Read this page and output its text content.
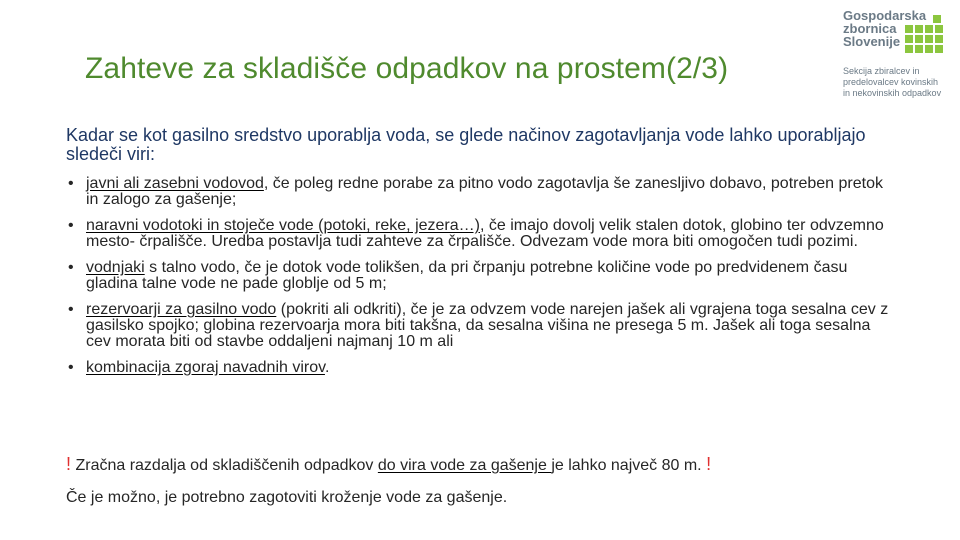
Zahteve za skladišče odpadkov na prostem(2/3)
Gospodarska
zbornica
Slovenije
Sekcija zbiralcev in
predelovalcev kovinskih
in nekovinskih odpadkov
Kadar se kot gasilno sredstvo uporablja voda, se glede načinov zagotavljanja vode lahko uporabljajo sledeči viri:
• javni ali zasebni vodovod, če poleg redne porabe za pitno vodo zagotavlja še zanesljivo dobavo, potreben pretok in zalogo za gašenje;
• naravni vodotoki in stoječe vode (potoki, reke, jezera…), če imajo dovolj velik stalen dotok, globino ter odvzemno mesto- črpališče. Uredba postavlja tudi zahteve za črpališče. Odvezam vode mora biti omogočen tudi pozimi.
• vodnjaki s talno vodo, če je dotok vode tolikšen, da pri črpanju potrebne količine vode po predvidenem času gladina talne vode ne pade globlje od 5 m;
• rezervoarji za gasilno vodo (pokriti ali odkriti), če je za odvzem vode narejen jašek ali vgrajena toga sesalna cev z gasilsko spojko; globina rezervoarja mora biti takšna, da sesalna višina ne presega 5 m. Jašek ali toga sesalna cev morata biti od stavbe oddaljeni najmanj 10 m ali
• kombinacija zgoraj navadnih virov.
! Zračna razdalja od skladiščenih odpadkov do vira vode za gašenje je lahko največ 80 m. !
Če je možno, je potrebno zagotoviti kroženje vode za gašenje.
